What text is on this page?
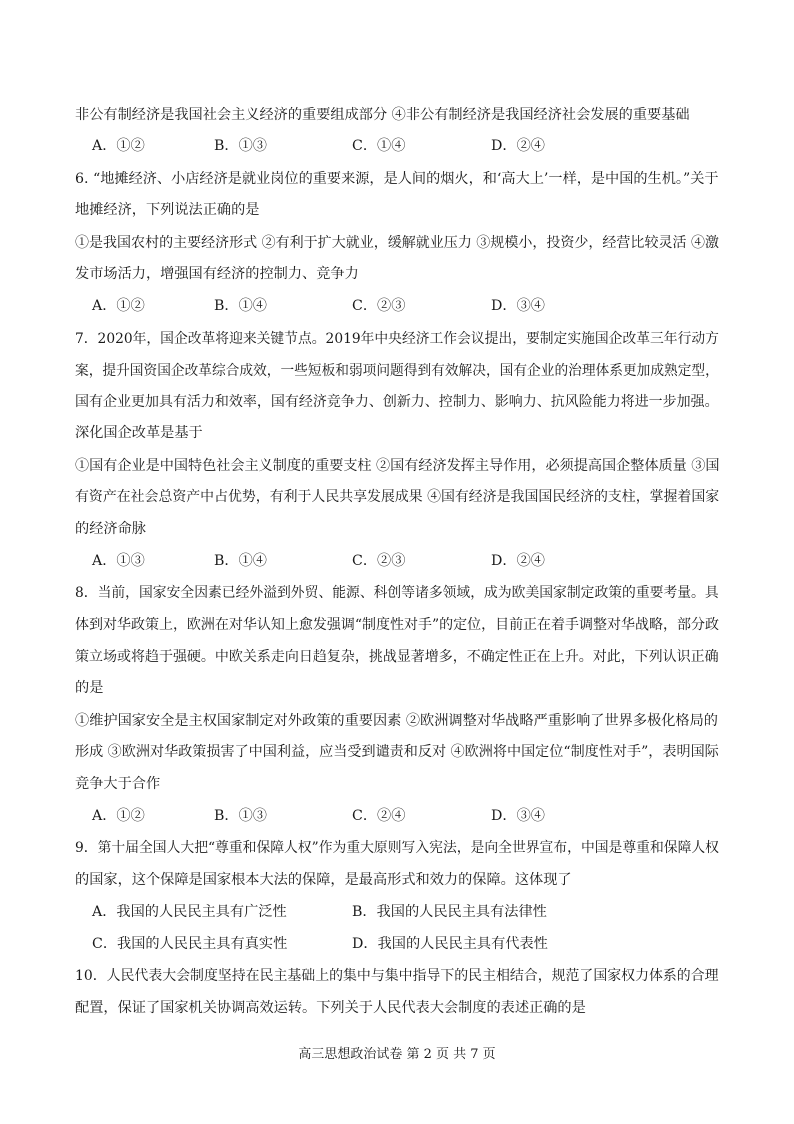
非公有制经济是我国社会主义经济的重要组成部分 ④非公有制经济是我国经济社会发展的重要基础
A．①②	B．①③	C．①④	D．②④
6. “地摊经济、小店经济是就业岗位的重要来源，是人间的烟火，和‘高大上’一样，是中国的生机。”关于
地摊经济，下列说法正确的是
①是我国农村的主要经济形式 ②有利于扩大就业，缓解就业压力 ③规模小，投资少，经营比较灵活 ④激
发市场活力，增强国有经济的控制力、竞争力
A．①②	B．①④	C．②③	D．③④
7．2020年，国企改革将迎来关键节点。2019年中央经济工作会议提出，要制定实施国企改革三年行动方
案，提升国资国企改革综合成效，一些短板和弱项问题得到有效解决，国有企业的治理体系更加成熟定型，
国有企业更加具有活力和效率，国有经济竞争力、创新力、控制力、影响力、抗风险能力将进一步加强。
深化国企改革是基于
①国有企业是中国特色社会主义制度的重要支柱 ②国有经济发挥主导作用，必须提高国企整体质量 ③国
有资产在社会总资产中占优势，有利于人民共享发展成果 ④国有经济是我国国民经济的支柱，掌握着国家
的经济命脉
A．①③	B．①④	C．②③	D．②④
8．当前，国家安全因素已经外溢到外贸、能源、科创等诸多领域，成为欧美国家制定政策的重要考量。具
体到对华政策上，欧洲在对华认知上愈发强调“制度性对手”的定位，目前正在着手调整对华战略，部分政
策立场或将趋于强硬。中欧关系走向日趋复杂，挑战显著增多，不确定性正在上升。对此，下列认识正确
的是
①维护国家安全是主权国家制定对外政策的重要因素 ②欧洲调整对华战略严重影响了世界多极化格局的
形成 ③欧洲对华政策损害了中国利益，应当受到谴责和反对 ④欧洲将中国定位“制度性对手”，表明国际
竞争大于合作
A．①②	B．①③	C．②④	D．③④
9．第十届全国人大把“尊重和保障人权”作为重大原则写入宪法，是向全世界宣布，中国是尊重和保障人权
的国家，这个保障是国家根本大法的保障，是最高形式和效力的保障。这体现了
A．我国的人民民主具有广泛性	B．我国的人民民主具有法律性
C．我国的人民民主具有真实性	D．我国的人民民主具有代表性
10．人民代表大会制度坚持在民主基础上的集中与集中指导下的民主相结合，规范了国家权力体系的合理
配置，保证了国家机关协调高效运转。下列关于人民代表大会制度的表述正确的是
高三思想政治试卷 第 2 页 共 7 页
